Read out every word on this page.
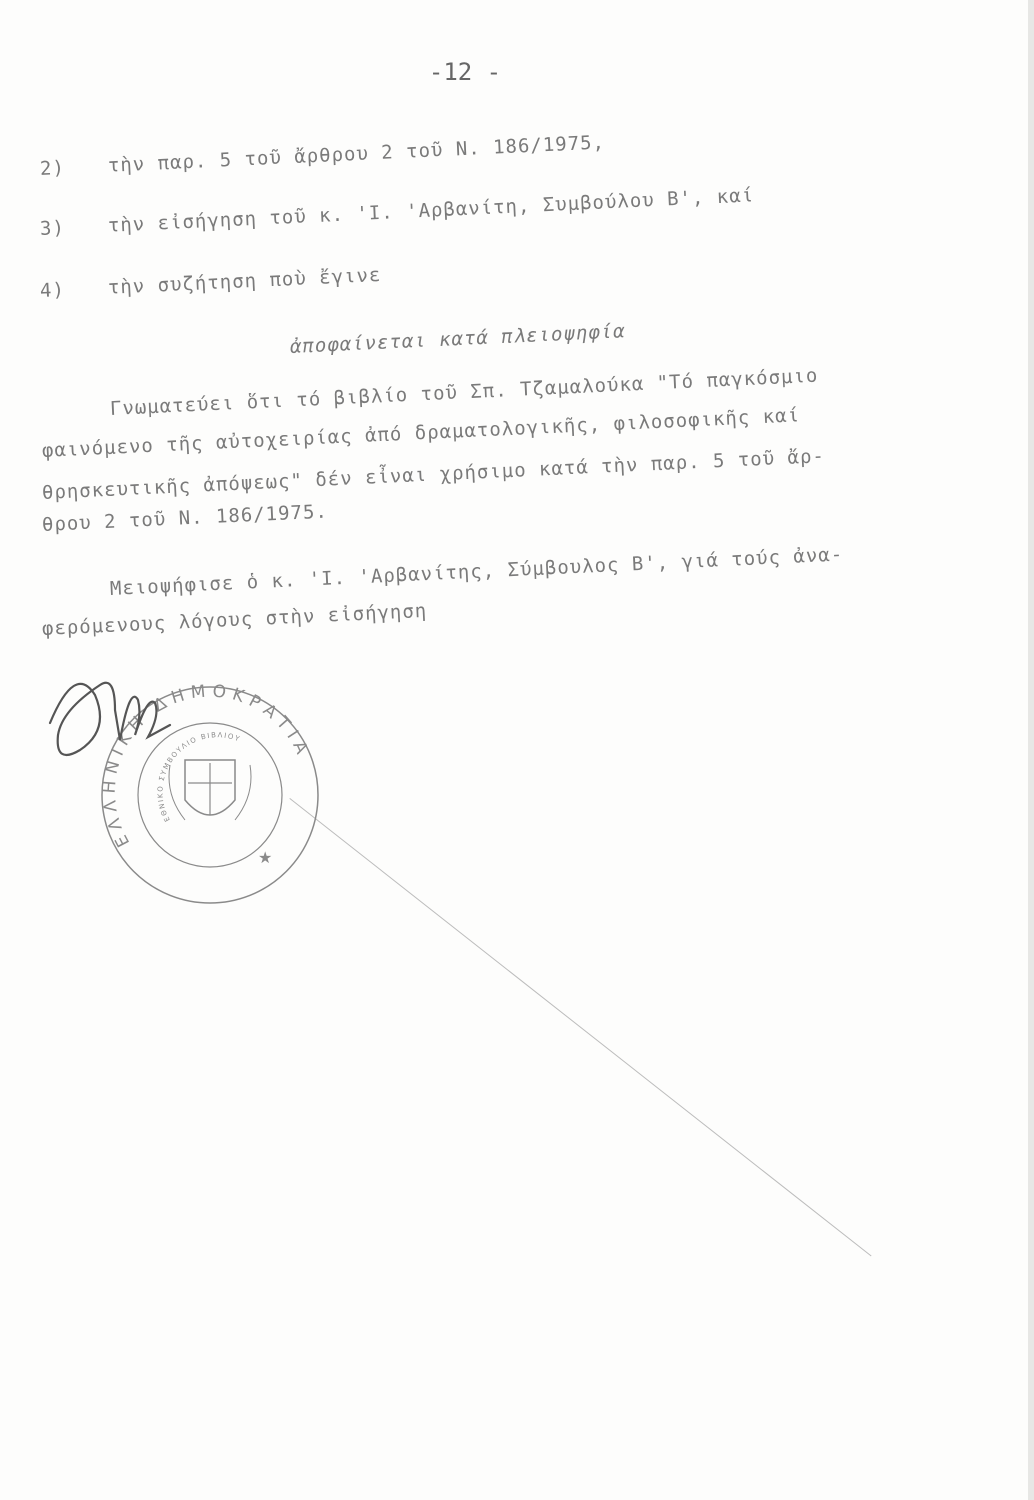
-12 -
2) τὴν παρ. 5 τοῦ ἄρθρου 2 τοῦ Ν. 186/1975,
3) τὴν εἰσήγηση τοῦ κ. 'Ι. 'Αρβανίτη, Συμβούλου Β', καί
4) τὴν συζήτηση ποὺ ἔγινε
ἀποφαίνεται κατά πλειοψηφία
Γνωματεύει ὅτι τό βιβλίο τοῦ Σπ. Τζαμαλούκα "Τό παγκόσμιο
φαινόμενο τῆς αὐτοχειρίας ἀπό δραματολογικῆς, φιλοσοφικῆς καί
θρησκευτικῆς ἀπόψεως" δέν εἶναι χρήσιμο κατά τὴν παρ. 5 τοῦ ἄρ-
θρου 2 τοῦ Ν. 186/1975.
Μειοψήφισε ὁ κ. 'Ι. 'Αρβανίτης, Σύμβουλος Β', γιά τούς ἀνα-
φερόμενους λόγους στὴν εἰσήγηση
ΕΛΛΗΝΙΚΗ ΔΗΜΟΚΡΑΤΙΑ
ΕΘΝΙΚΟ ΣΥΜΒΟΥΛΙΟ ΒΙΒΛΙΟΥ
★
